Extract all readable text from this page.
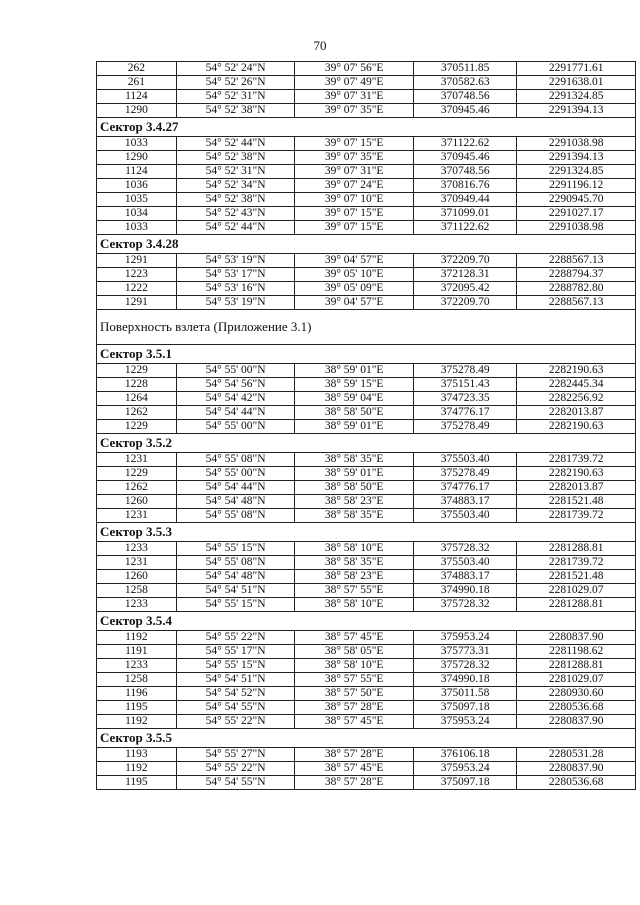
70
262	54° 52' 24"N	39° 07' 56"E	370511.85	2291771.61
261	54° 52' 26"N	39° 07' 49"E	370582.63	2291638.01
1124	54° 52' 31"N	39° 07' 31"E	370748.56	2291324.85
1290	54° 52' 38"N	39° 07' 35"E	370945.46	2291394.13
Сектор 3.4.27				
1033	54° 52' 44"N	39° 07' 15"E	371122.62	2291038.98
1290	54° 52' 38"N	39° 07' 35"E	370945.46	2291394.13
1124	54° 52' 31"N	39° 07' 31"E	370748.56	2291324.85
1036	54° 52' 34"N	39° 07' 24"E	370816.76	2291196.12
1035	54° 52' 38"N	39° 07' 10"E	370949.44	2290945.70
1034	54° 52' 43"N	39° 07' 15"E	371099.01	2291027.17
1033	54° 52' 44"N	39° 07' 15"E	371122.62	2291038.98
Сектор 3.4.28				
1291	54° 53' 19"N	39° 04' 57"E	372209.70	2288567.13
1223	54° 53' 17"N	39° 05' 10"E	372128.31	2288794.37
1222	54° 53' 16"N	39° 05' 09"E	372095.42	2288782.80
1291	54° 53' 19"N	39° 04' 57"E	372209.70	2288567.13
Поверхность взлета (Приложение 3.1)				
Сектор 3.5.1				
1229	54° 55' 00"N	38° 59' 01"E	375278.49	2282190.63
1228	54° 54' 56"N	38° 59' 15"E	375151.43	2282445.34
1264	54° 54' 42"N	38° 59' 04"E	374723.35	2282256.92
1262	54° 54' 44"N	38° 58' 50"E	374776.17	2282013.87
1229	54° 55' 00"N	38° 59' 01"E	375278.49	2282190.63
Сектор 3.5.2				
1231	54° 55' 08"N	38° 58' 35"E	375503.40	2281739.72
1229	54° 55' 00"N	38° 59' 01"E	375278.49	2282190.63
1262	54° 54' 44"N	38° 58' 50"E	374776.17	2282013.87
1260	54° 54' 48"N	38° 58' 23"E	374883.17	2281521.48
1231	54° 55' 08"N	38° 58' 35"E	375503.40	2281739.72
Сектор 3.5.3				
1233	54° 55' 15"N	38° 58' 10"E	375728.32	2281288.81
1231	54° 55' 08"N	38° 58' 35"E	375503.40	2281739.72
1260	54° 54' 48"N	38° 58' 23"E	374883.17	2281521.48
1258	54° 54' 51"N	38° 57' 55"E	374990.18	2281029.07
1233	54° 55' 15"N	38° 58' 10"E	375728.32	2281288.81
Сектор 3.5.4				
1192	54° 55' 22"N	38° 57' 45"E	375953.24	2280837.90
1191	54° 55' 17"N	38° 58' 05"E	375773.31	2281198.62
1233	54° 55' 15"N	38° 58' 10"E	375728.32	2281288.81
1258	54° 54' 51"N	38° 57' 55"E	374990.18	2281029.07
1196	54° 54' 52"N	38° 57' 50"E	375011.58	2280930.60
1195	54° 54' 55"N	38° 57' 28"E	375097.18	2280536.68
1192	54° 55' 22"N	38° 57' 45"E	375953.24	2280837.90
Сектор 3.5.5				
1193	54° 55' 27"N	38° 57' 28"E	376106.18	2280531.28
1192	54° 55' 22"N	38° 57' 45"E	375953.24	2280837.90
1195	54° 54' 55"N	38° 57' 28"E	375097.18	2280536.68
